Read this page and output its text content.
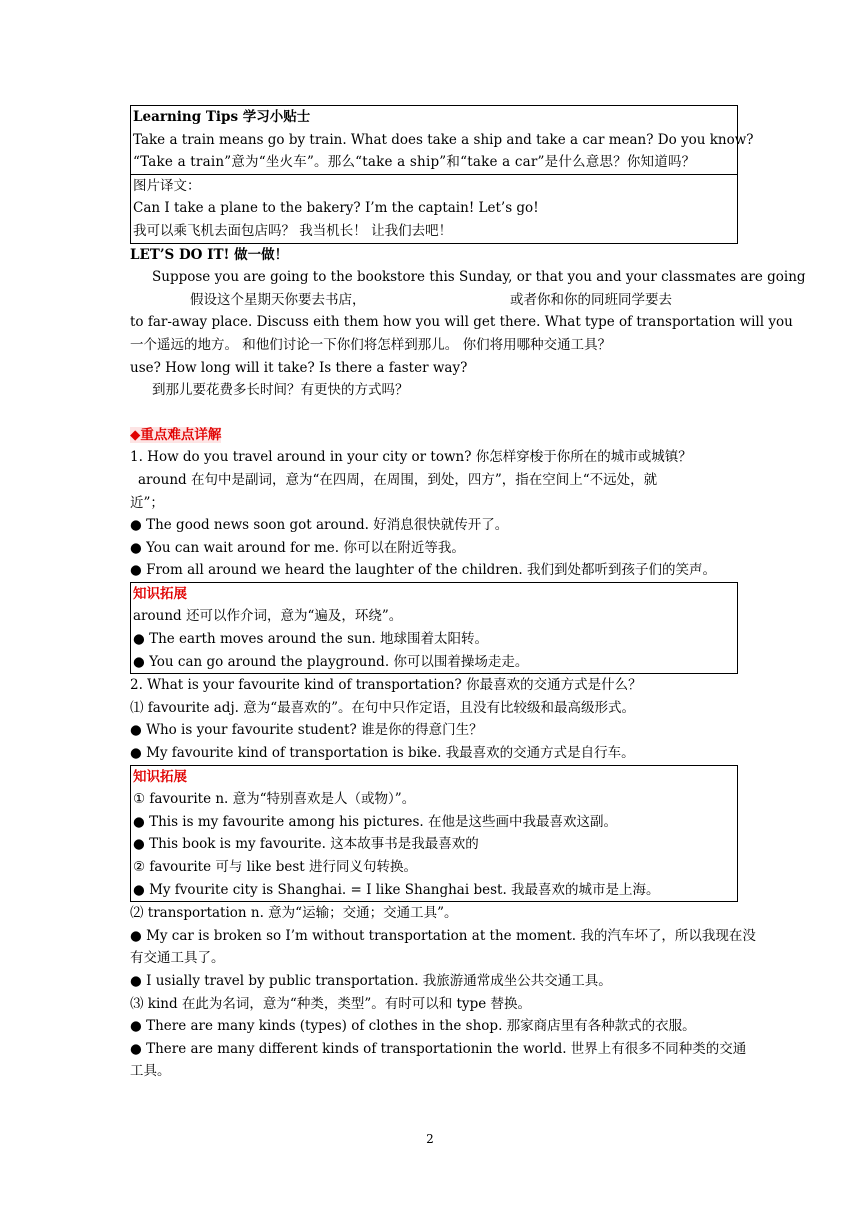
Learning Tips 学习小贴士
Take a train means go by train. What does take a ship and take a car mean? Do you know?
“Take a train”意为“坐火车”。那么“take a ship”和“take a car”是什么意思？你知道吗？
图片译文：
Can I take a plane to the bakery? I’m the captain! Let’s go!
我可以乘飞机去面包店吗？ 我当机长！ 让我们去吧！
LET’S DO IT! 做一做！
Suppose you are going to the bookstore this Sunday, or that you and your classmates are going
假设这个星期天你要去书店，	或者你和你的同班同学要去
to far-away place. Discuss eith them how you will get there. What type of transportation will you
一个遥远的地方。 和他们讨论一下你们将怎样到那儿。 你们将用哪种交通工具？
use? How long will it take? Is there a faster way?
到那儿要花费多长时间？有更快的方式吗？
◆重点难点详解
1. How do you travel around in your city or town? 你怎样穿梭于你所在的城市或城镇？
around 在句中是副词，意为“在四周，在周围，到处，四方”，指在空间上“不远处，就
近”；
● The good news soon got around. 好消息很快就传开了。
● You can wait around for me. 你可以在附近等我。
● From all around we heard the laughter of the children. 我们到处都听到孩子们的笑声。
知识拓展
around 还可以作介词，意为“遍及，环绕”。
● The earth moves around the sun. 地球围着太阳转。
● You can go around the playground. 你可以围着操场走走。
2. What is your favourite kind of transportation? 你最喜欢的交通方式是什么？
⑴ favourite adj. 意为“最喜欢的”。在句中只作定语，且没有比较级和最高级形式。
● Who is your favourite student? 谁是你的得意门生？
● My favourite kind of transportation is bike. 我最喜欢的交通方式是自行车。
知识拓展
① favourite n. 意为“特别喜欢是人（或物）”。
● This is my favourite among his pictures. 在他是这些画中我最喜欢这副。
● This book is my favourite. 这本故事书是我最喜欢的
② favourite 可与 like best 进行同义句转换。
● My fvourite city is Shanghai. = I like Shanghai best. 我最喜欢的城市是上海。
⑵ transportation n. 意为“运输；交通；交通工具”。
● My car is broken so I’m without transportation at the moment. 我的汽车坏了，所以我现在没
有交通工具了。
● I usially travel by public transportation. 我旅游通常成坐公共交通工具。
⑶ kind 在此为名词，意为“种类，类型”。有时可以和 type 替换。
● There are many kinds (types) of clothes in the shop. 那家商店里有各种款式的衣服。
● There are many different kinds of transportationin the world. 世界上有很多不同种类的交通
工具。
2
